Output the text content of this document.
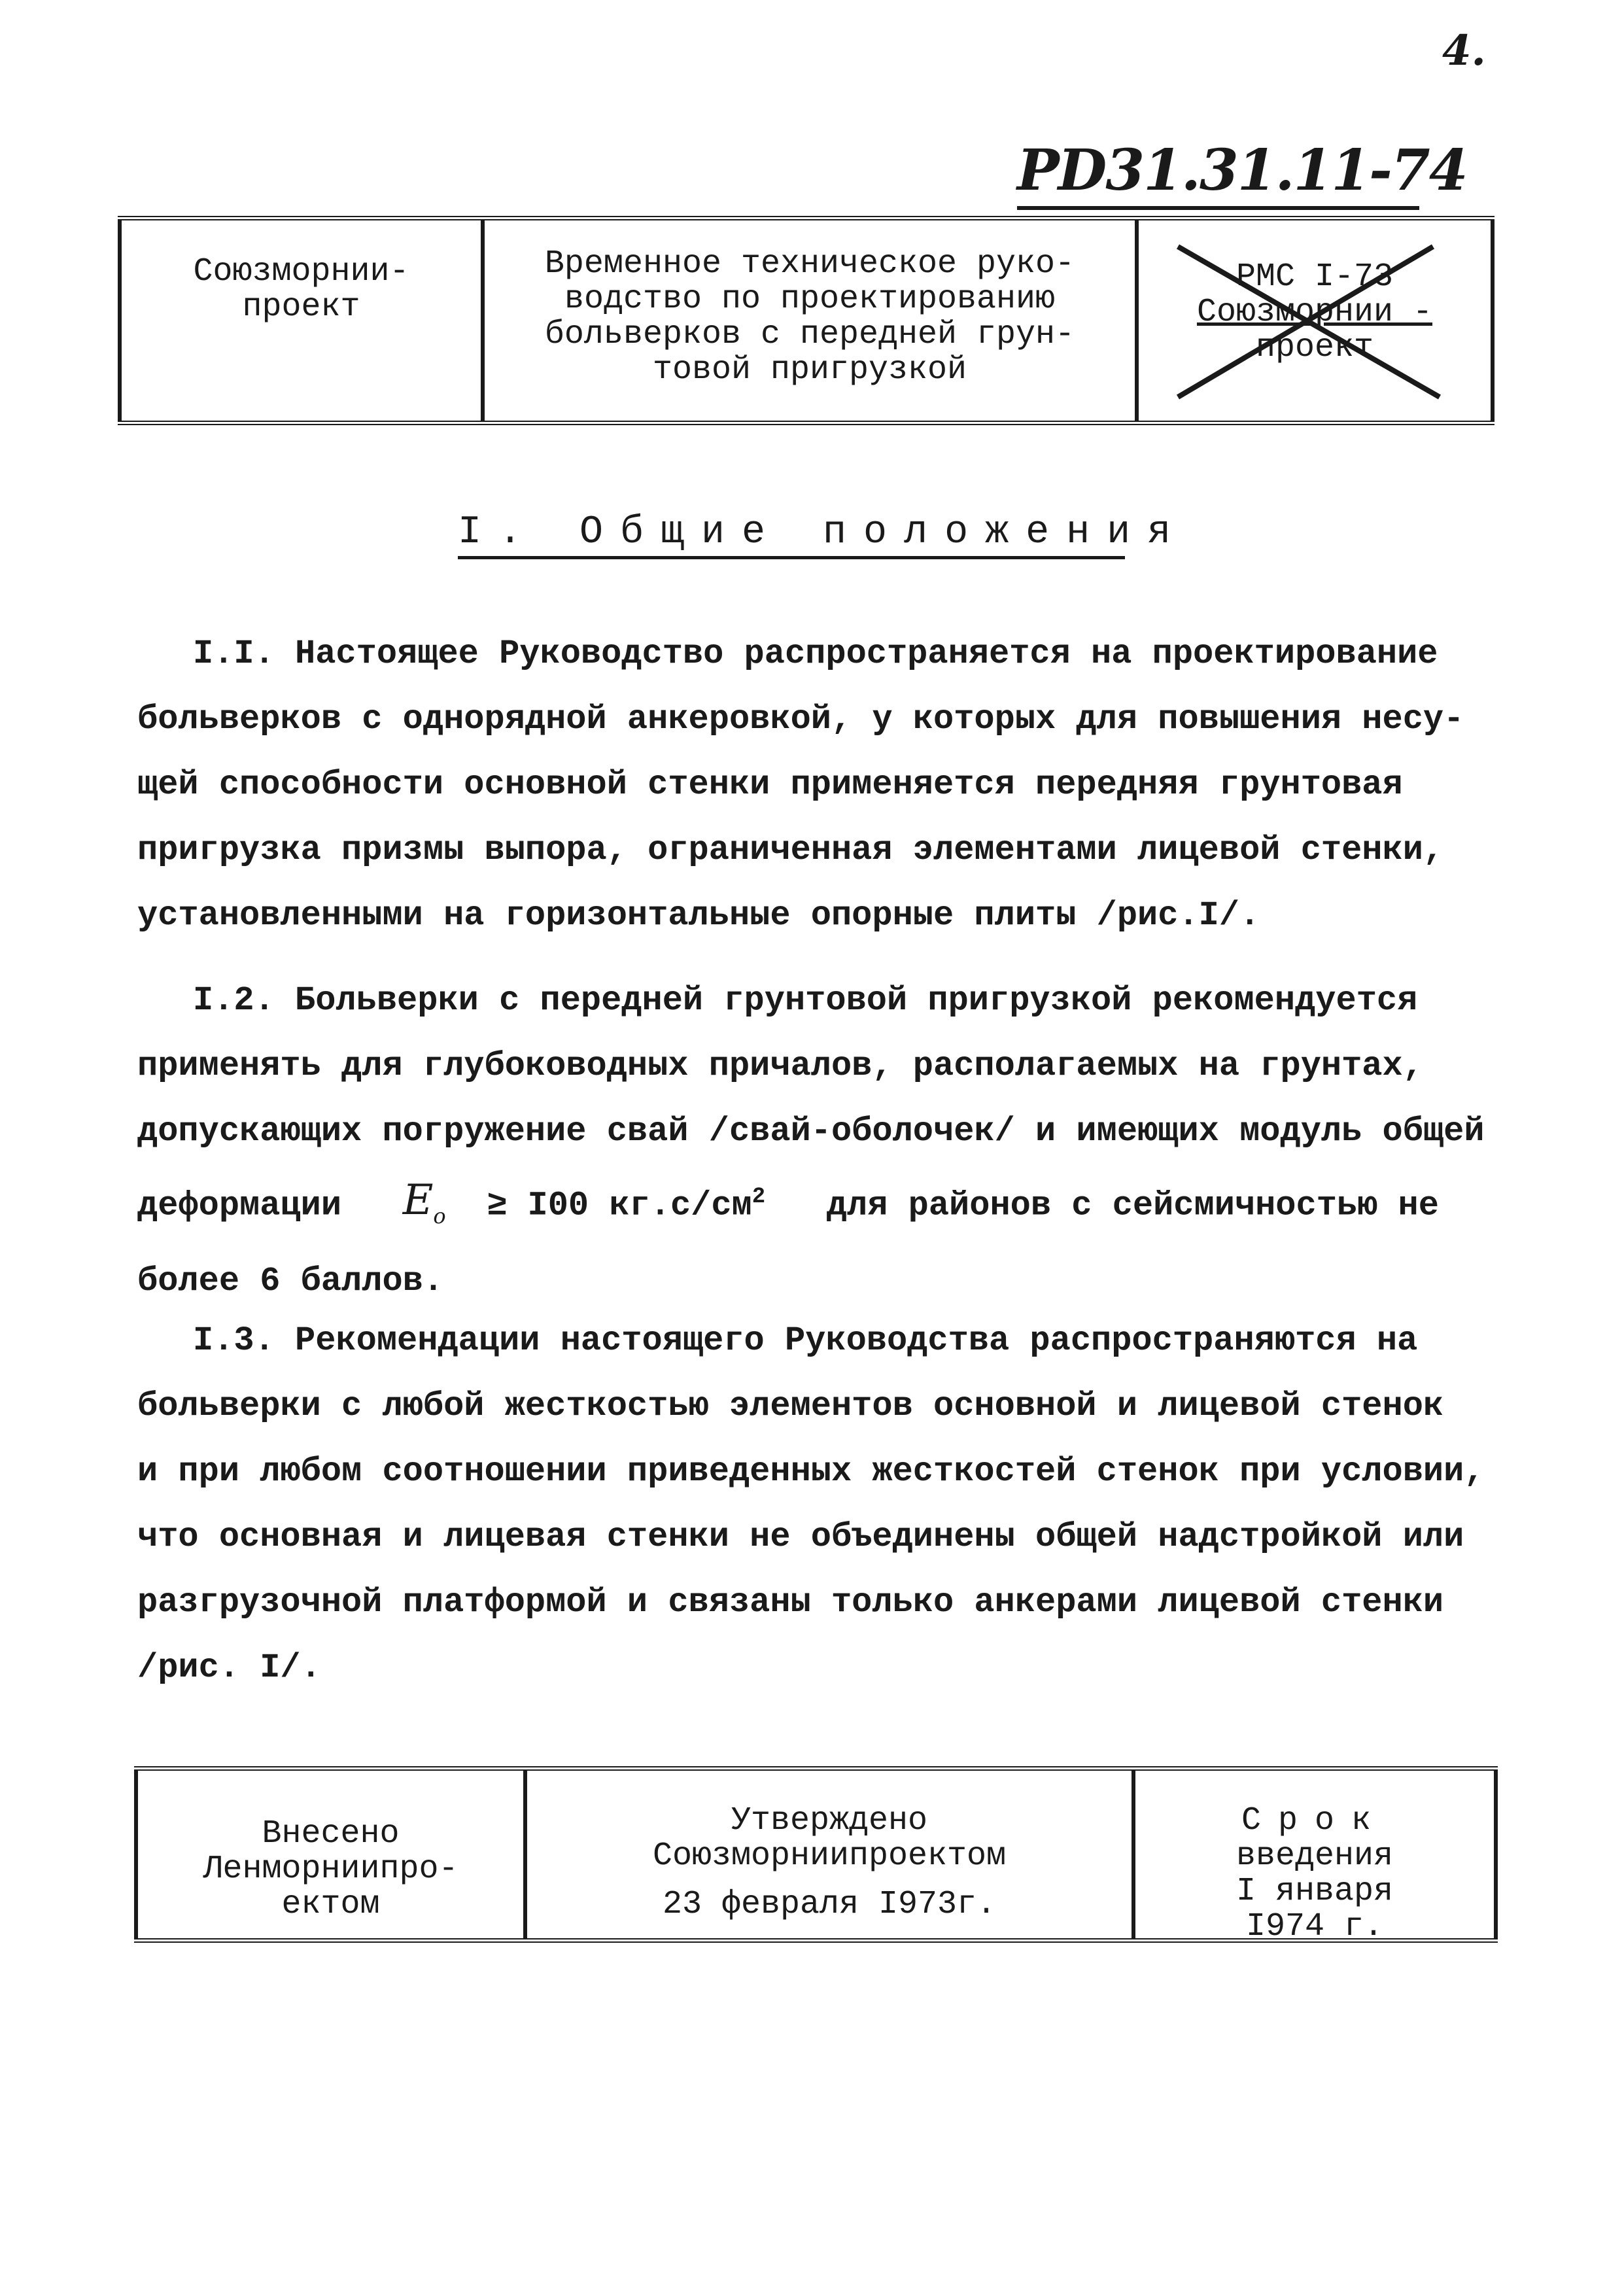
4.
PD31.31.11-74
Союзморнии-
проект
Временное техническое руко-
водство по проектированию
больверков с передней грун-
товой пригрузкой
РМС I-73
Союзморнии -
проект
I. Общие положения
I.I. Настоящее Руководство распространяется на проектирование
больверков с однорядной анкеровкой, у которых для повышения несу-
щей способности основной стенки применяется передняя грунтовая
пригрузка призмы выпора, ограниченная элементами лицевой стенки,
установленными на горизонтальные опорные плиты /рис.I/.
I.2. Больверки с передней грунтовой пригрузкой рекомендуется
применять для глубоководных причалов, располагаемых на грунтах,
допускающих погружение свай /свай-оболочек/ и имеющих модуль общей
деформации $E_o \ge I00$ $кг.с/см^2$ для районов с сейсмичностью не
более 6 баллов.
I.3. Рекомендации настоящего Руководства распространяются на
больверки с любой жесткостью элементов основной и лицевой стенок
и при любом соотношении приведенных жесткостей стенок при условии,
что основная и лицевая стенки не объединены общей надстройкой или
разгрузочной платформой и связаны только анкерами лицевой стенки
/рис. I/.
Внесено
Ленморниипро-
ектом
Утверждено
Союзморниипроектом
23 февраля I973г.
Срок
введения
I января
I974 г.
